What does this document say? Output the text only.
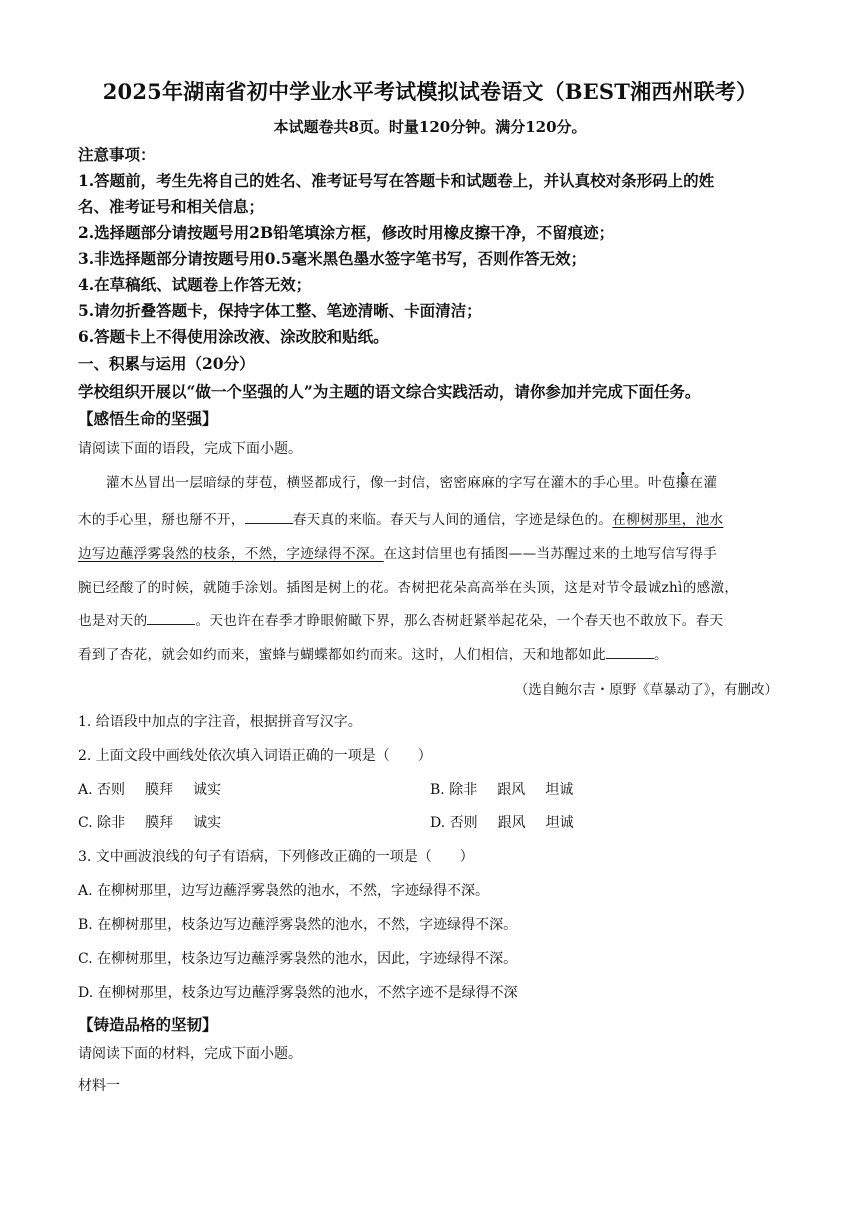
2025年湖南省初中学业水平考试模拟试卷语文（BEST湘西州联考）
本试题卷共8页。时量120分钟。满分120分。
注意事项：
1.答题前，考生先将自己的姓名、准考证号写在答题卡和试题卷上，并认真校对条形码上的姓
名、准考证号和相关信息；
2.选择题部分请按题号用2B铅笔填涂方框，修改时用橡皮擦干净，不留痕迹；
3.非选择题部分请按题号用0.5毫米黑色墨水签字笔书写，否则作答无效；
4.在草稿纸、试题卷上作答无效；
5.请勿折叠答题卡，保持字体工整、笔迹清晰、卡面清洁；
6.答题卡上不得使用涂改液、涂改胶和贴纸。
一、积累与运用（20分）
学校组织开展以“做一个坚强的人”为主题的语文综合实践活动，请你参加并完成下面任务。
【感悟生命的坚强】
请阅读下面的语段，完成下面小题。
灌木丛冒出一层暗绿的芽苞，横竖都成行，像一封信，密密麻麻的字写在灌木的手心里。叶苞攥在灌
木的手心里，掰也掰不开，	春天真的来临。春天与人间的通信，字迹是绿色的。在柳树那里，池水
边写边蘸浮雾袅然的枝条，不然，字迹绿得不深。在这封信里也有插图——当苏醒过来的土地写信写得手
腕已经酸了的时候，就随手涂划。插图是树上的花。杏树把花朵高高举在头顶，这是对节令最诚zhì的感激，
也是对天的	。天也许在春季才睁眼俯瞰下界，那么杏树赶紧举起花朵，一个春天也不敢放下。春天
看到了杏花，就会如约而来，蜜蜂与蝴蝶都如约而来。这时，人们相信，天和地都如此	。
（选自鲍尔吉・原野《草暴动了》，有删改）
1. 给语段中加点的字注音，根据拼音写汉字。
2. 上面文段中画线处依次填入词语正确的一项是（　　）
A. 否则 膜拜 诚实	B. 除非 跟风 坦诚
C. 除非 膜拜 诚实	D. 否则 跟风 坦诚
3. 文中画波浪线的句子有语病，下列修改正确的一项是（　　）
A. 在柳树那里，边写边蘸浮雾袅然的池水，不然，字迹绿得不深。
B. 在柳树那里，枝条边写边蘸浮雾袅然的池水，不然，字迹绿得不深。
C. 在柳树那里，枝条边写边蘸浮雾袅然的池水，因此，字迹绿得不深。
D. 在柳树那里，枝条边写边蘸浮雾袅然的池水，不然字迹不是绿得不深
【铸造品格的坚韧】
请阅读下面的材料，完成下面小题。
材料一
